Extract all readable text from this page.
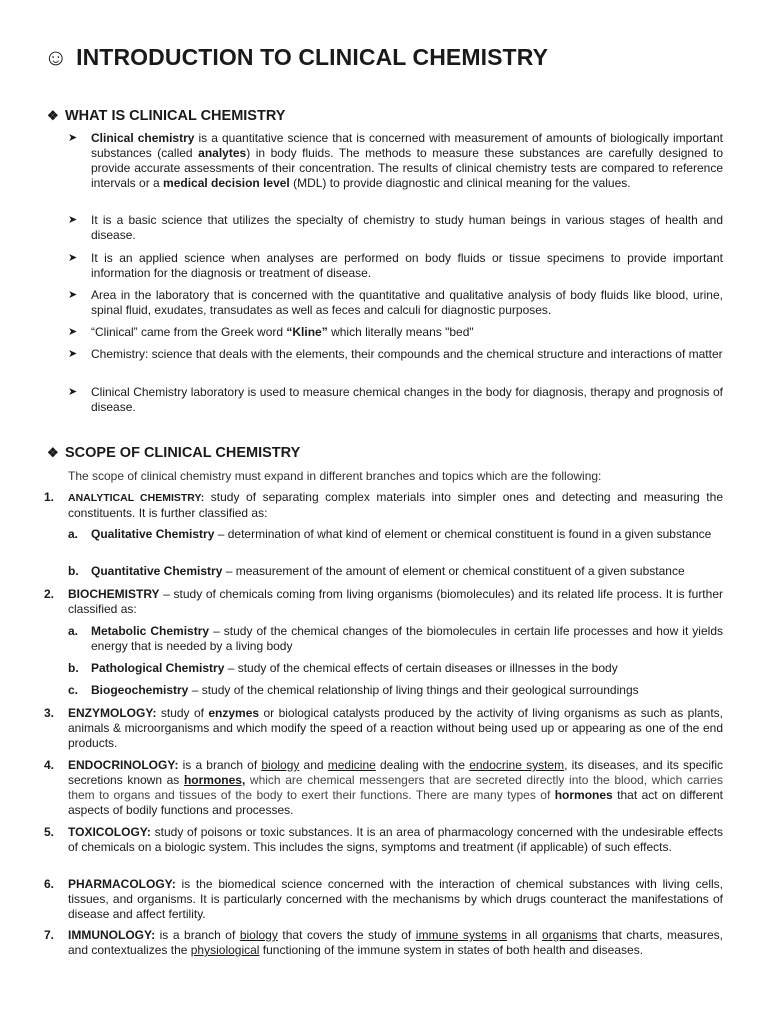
☺ INTRODUCTION TO CLINICAL CHEMISTRY
❖ WHAT IS CLINICAL CHEMISTRY
➤ Clinical chemistry is a quantitative science that is concerned with measurement of amounts of biologically important substances (called analytes) in body fluids. The methods to measure these substances are carefully designed to provide accurate assessments of their concentration. The results of clinical chemistry tests are compared to reference intervals or a medical decision level (MDL) to provide diagnostic and clinical meaning for the values.
➤ It is a basic science that utilizes the specialty of chemistry to study human beings in various stages of health and disease.
➤ It is an applied science when analyses are performed on body fluids or tissue specimens to provide important information for the diagnosis or treatment of disease.
➤ Area in the laboratory that is concerned with the quantitative and qualitative analysis of body fluids like blood, urine, spinal fluid, exudates, transudates as well as feces and calculi for diagnostic purposes.
➤ “Clinical” came from the Greek word “Kline” which literally means "bed"
➤ Chemistry: science that deals with the elements, their compounds and the chemical structure and interactions of matter
➤ Clinical Chemistry laboratory is used to measure chemical changes in the body for diagnosis, therapy and prognosis of disease.
❖ SCOPE OF CLINICAL CHEMISTRY
The scope of clinical chemistry must expand in different branches and topics which are the following:
1. ANALYTICAL CHEMISTRY: study of separating complex materials into simpler ones and detecting and measuring the constituents. It is further classified as:
a. Qualitative Chemistry – determination of what kind of element or chemical constituent is found in a given substance
b. Quantitative Chemistry – measurement of the amount of element or chemical constituent of a given substance
2. BIOCHEMISTRY – study of chemicals coming from living organisms (biomolecules) and its related life process. It is further classified as:
a. Metabolic Chemistry – study of the chemical changes of the biomolecules in certain life processes and how it yields energy that is needed by a living body
b. Pathological Chemistry – study of the chemical effects of certain diseases or illnesses in the body
c. Biogeochemistry – study of the chemical relationship of living things and their geological surroundings
3. ENZYMOLOGY: study of enzymes or biological catalysts produced by the activity of living organisms as such as plants, animals & microorganisms and which modify the speed of a reaction without being used up or appearing as one of the end products.
4. ENDOCRINOLOGY: is a branch of biology and medicine dealing with the endocrine system, its diseases, and its specific secretions known as hormones, which are chemical messengers that are secreted directly into the blood, which carries them to organs and tissues of the body to exert their functions. There are many types of hormones that act on different aspects of bodily functions and processes.
5. TOXICOLOGY: study of poisons or toxic substances. It is an area of pharmacology concerned with the undesirable effects of chemicals on a biologic system. This includes the signs, symptoms and treatment (if applicable) of such effects.
6. PHARMACOLOGY: is the biomedical science concerned with the interaction of chemical substances with living cells, tissues, and organisms. It is particularly concerned with the mechanisms by which drugs counteract the manifestations of disease and affect fertility.
7. IMMUNOLOGY: is a branch of biology that covers the study of immune systems in all organisms that charts, measures, and contextualizes the physiological functioning of the immune system in states of both health and diseases.
